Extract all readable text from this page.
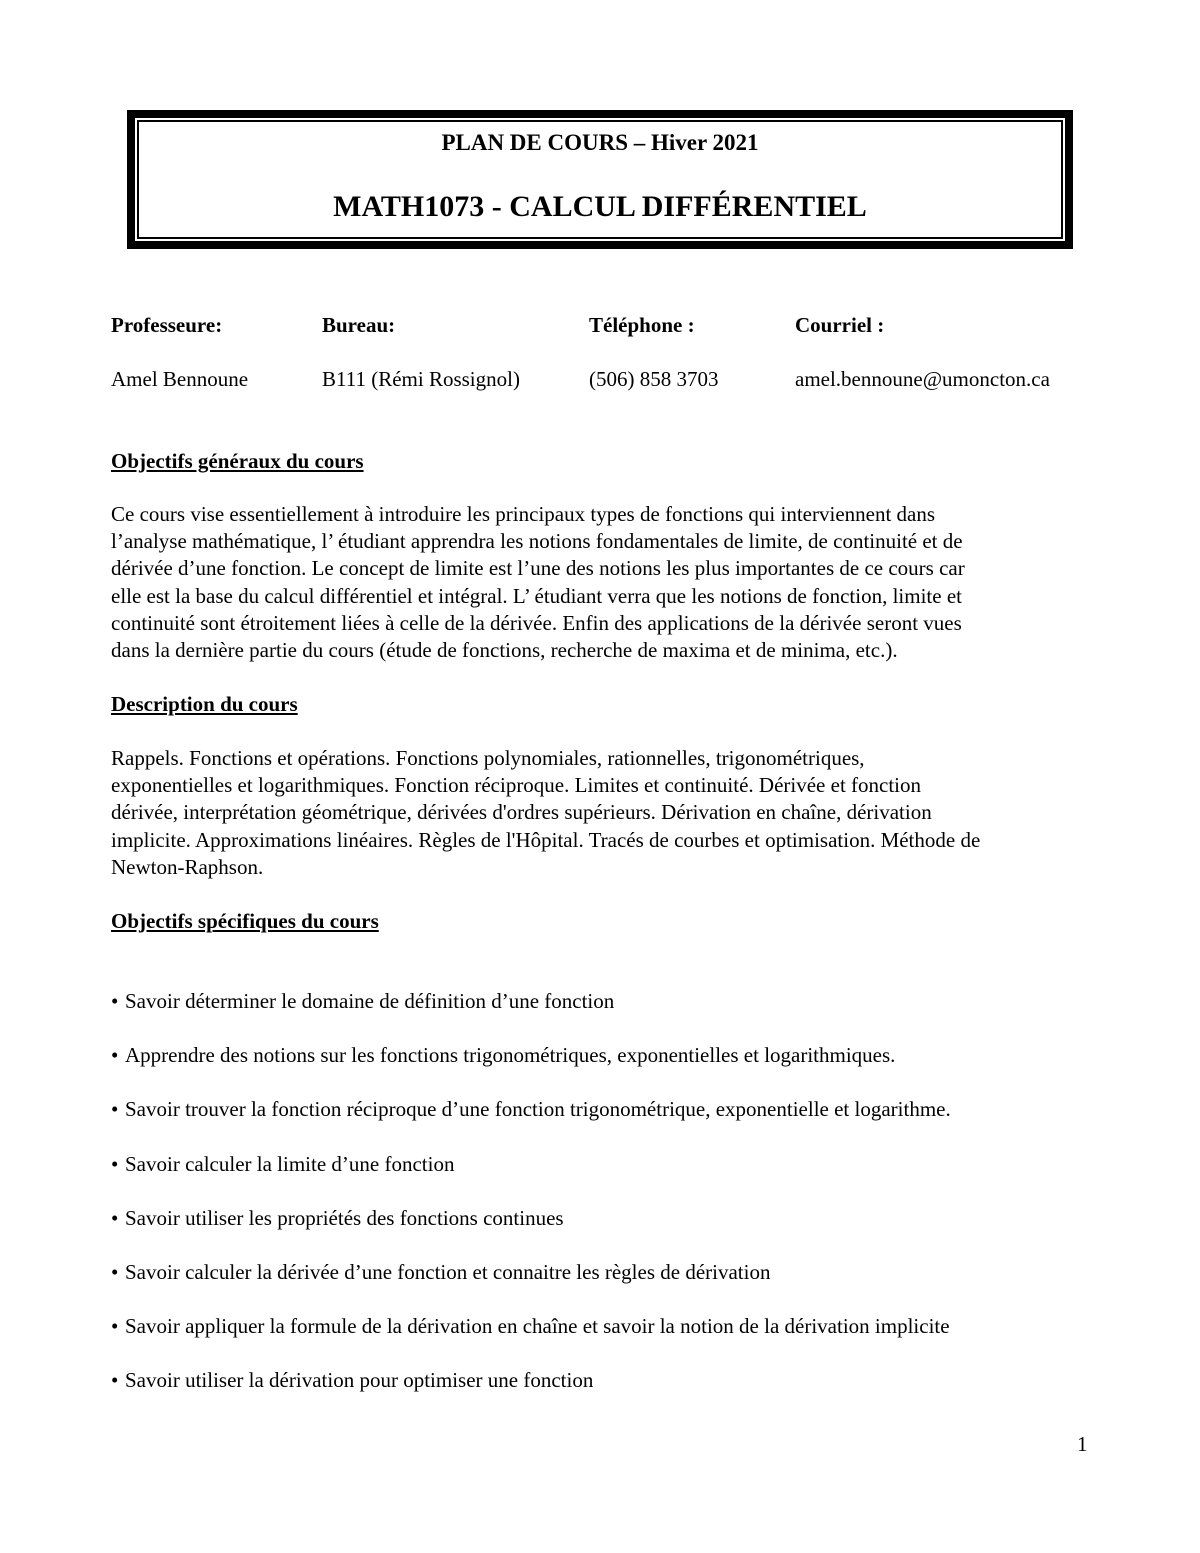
PLAN DE COURS – Hiver 2021
MATH1073 - CALCUL DIFFÉRENTIEL
Professeure:	Bureau:	Téléphone :	Courriel :
Amel Bennoune	B111 (Rémi Rossignol)	(506) 858 3703	amel.bennoune@umoncton.ca
Objectifs généraux du cours
Ce cours vise essentiellement à introduire les principaux types de fonctions qui interviennent dans
l’analyse mathématique, l’ étudiant apprendra les notions fondamentales de limite, de continuité et de
dérivée d’une fonction. Le concept de limite est l’une des notions les plus importantes de ce cours car
elle est la base du calcul différentiel et intégral. L’ étudiant verra que les notions de fonction, limite et
continuité sont étroitement liées à celle de la dérivée. Enfin des applications de la dérivée seront vues
dans la dernière partie du cours (étude de fonctions, recherche de maxima et de minima, etc.).
Description du cours
Rappels. Fonctions et opérations. Fonctions polynomiales, rationnelles, trigonométriques,
exponentielles et logarithmiques. Fonction réciproque. Limites et continuité. Dérivée et fonction
dérivée, interprétation géométrique, dérivées d'ordres supérieurs. Dérivation en chaîne, dérivation
implicite. Approximations linéaires. Règles de l'Hôpital. Tracés de courbes et optimisation. Méthode de
Newton-Raphson.
Objectifs spécifiques du cours
• Savoir déterminer le domaine de définition d’une fonction
• Apprendre des notions sur les fonctions trigonométriques, exponentielles et logarithmiques.
• Savoir trouver la fonction réciproque d’une fonction trigonométrique, exponentielle et logarithme.
• Savoir calculer la limite d’une fonction
• Savoir utiliser les propriétés des fonctions continues
• Savoir calculer la dérivée d’une fonction et connaitre les règles de dérivation
• Savoir appliquer la formule de la dérivation en chaîne et savoir la notion de la dérivation implicite
• Savoir utiliser la dérivation pour optimiser une fonction
1
